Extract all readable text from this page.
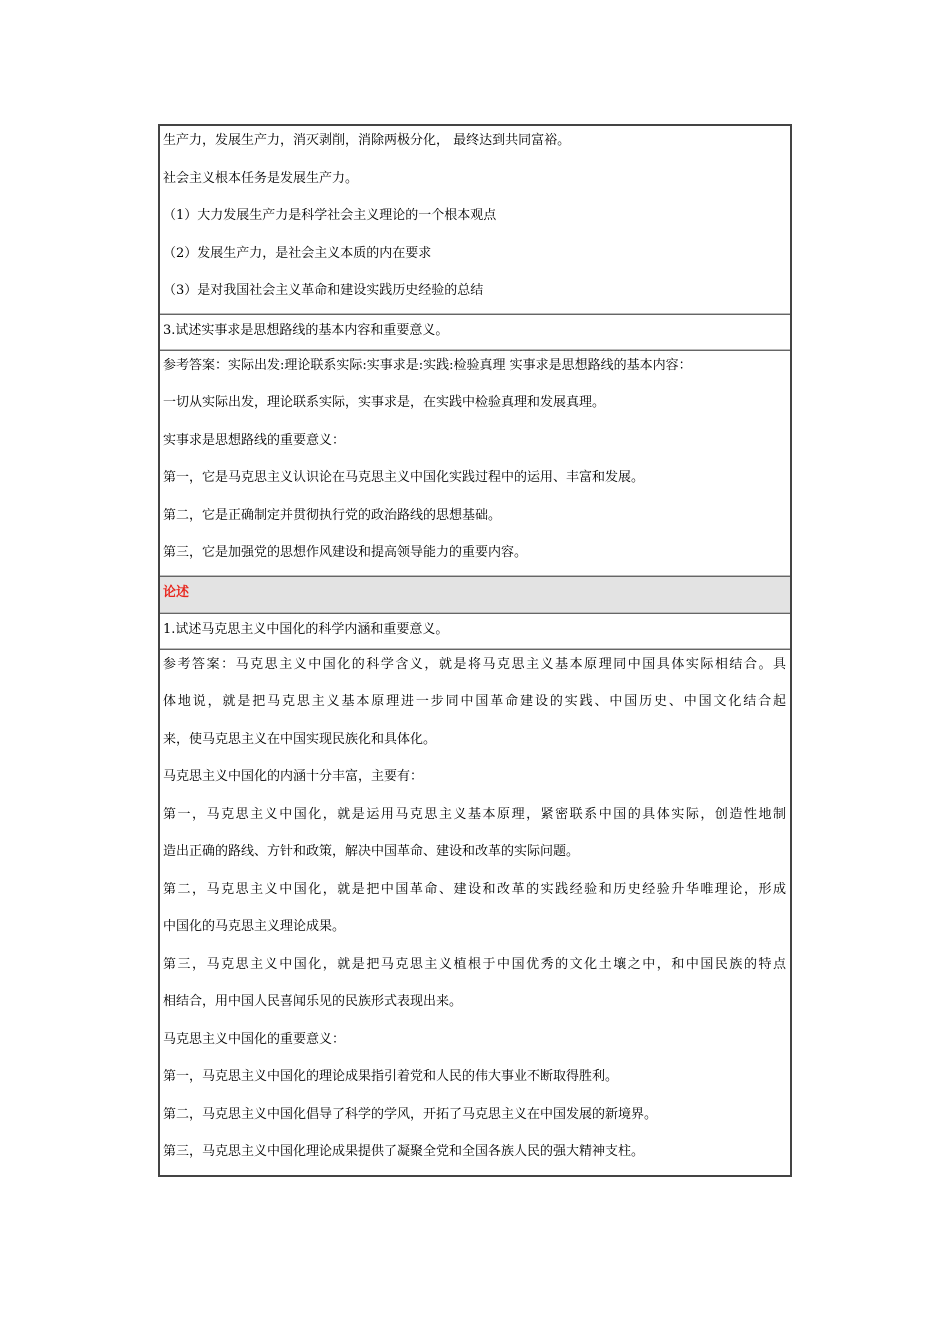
生产力，发展生产力，消灭剥削，消除两极分化， 最终达到共同富裕。
社会主义根本任务是发展生产力。
（1）大力发展生产力是科学社会主义理论的一个根本观点
（2）发展生产力，是社会主义本质的内在要求
（3）是对我国社会主义革命和建设实践历史经验的总结
3.试述实事求是思想路线的基本内容和重要意义。
参考答案：实际出发:理论联系实际:实事求是:实践:检验真理 实事求是思想路线的基本内容：
一切从实际出发，理论联系实际，实事求是，在实践中检验真理和发展真理。
实事求是思想路线的重要意义：
第一，它是马克思主义认识论在马克思主义中国化实践过程中的运用、丰富和发展。
第二，它是正确制定并贯彻执行党的政治路线的思想基础。
第三，它是加强党的思想作风建设和提高领导能力的重要内容。
论述
1.试述马克思主义中国化的科学内涵和重要意义。
参考答案：马克思主义中国化的科学含义，就是将马克思主义基本原理同中国具体实际相结合。具
体地说，就是把马克思主义基本原理进一步同中国革命建设的实践、中国历史、中国文化结合起
来，使马克思主义在中国实现民族化和具体化。
马克思主义中国化的内涵十分丰富，主要有：
第一，马克思主义中国化，就是运用马克思主义基本原理，紧密联系中国的具体实际，创造性地制
造出正确的路线、方针和政策，解决中国革命、建设和改革的实际问题。
第二，马克思主义中国化，就是把中国革命、建设和改革的实践经验和历史经验升华唯理论，形成
中国化的马克思主义理论成果。
第三，马克思主义中国化，就是把马克思主义植根于中国优秀的文化土壤之中，和中国民族的特点
相结合，用中国人民喜闻乐见的民族形式表现出来。
马克思主义中国化的重要意义：
第一，马克思主义中国化的理论成果指引着党和人民的伟大事业不断取得胜利。
第二，马克思主义中国化倡导了科学的学风，开拓了马克思主义在中国发展的新境界。
第三，马克思主义中国化理论成果提供了凝聚全党和全国各族人民的强大精神支柱。
